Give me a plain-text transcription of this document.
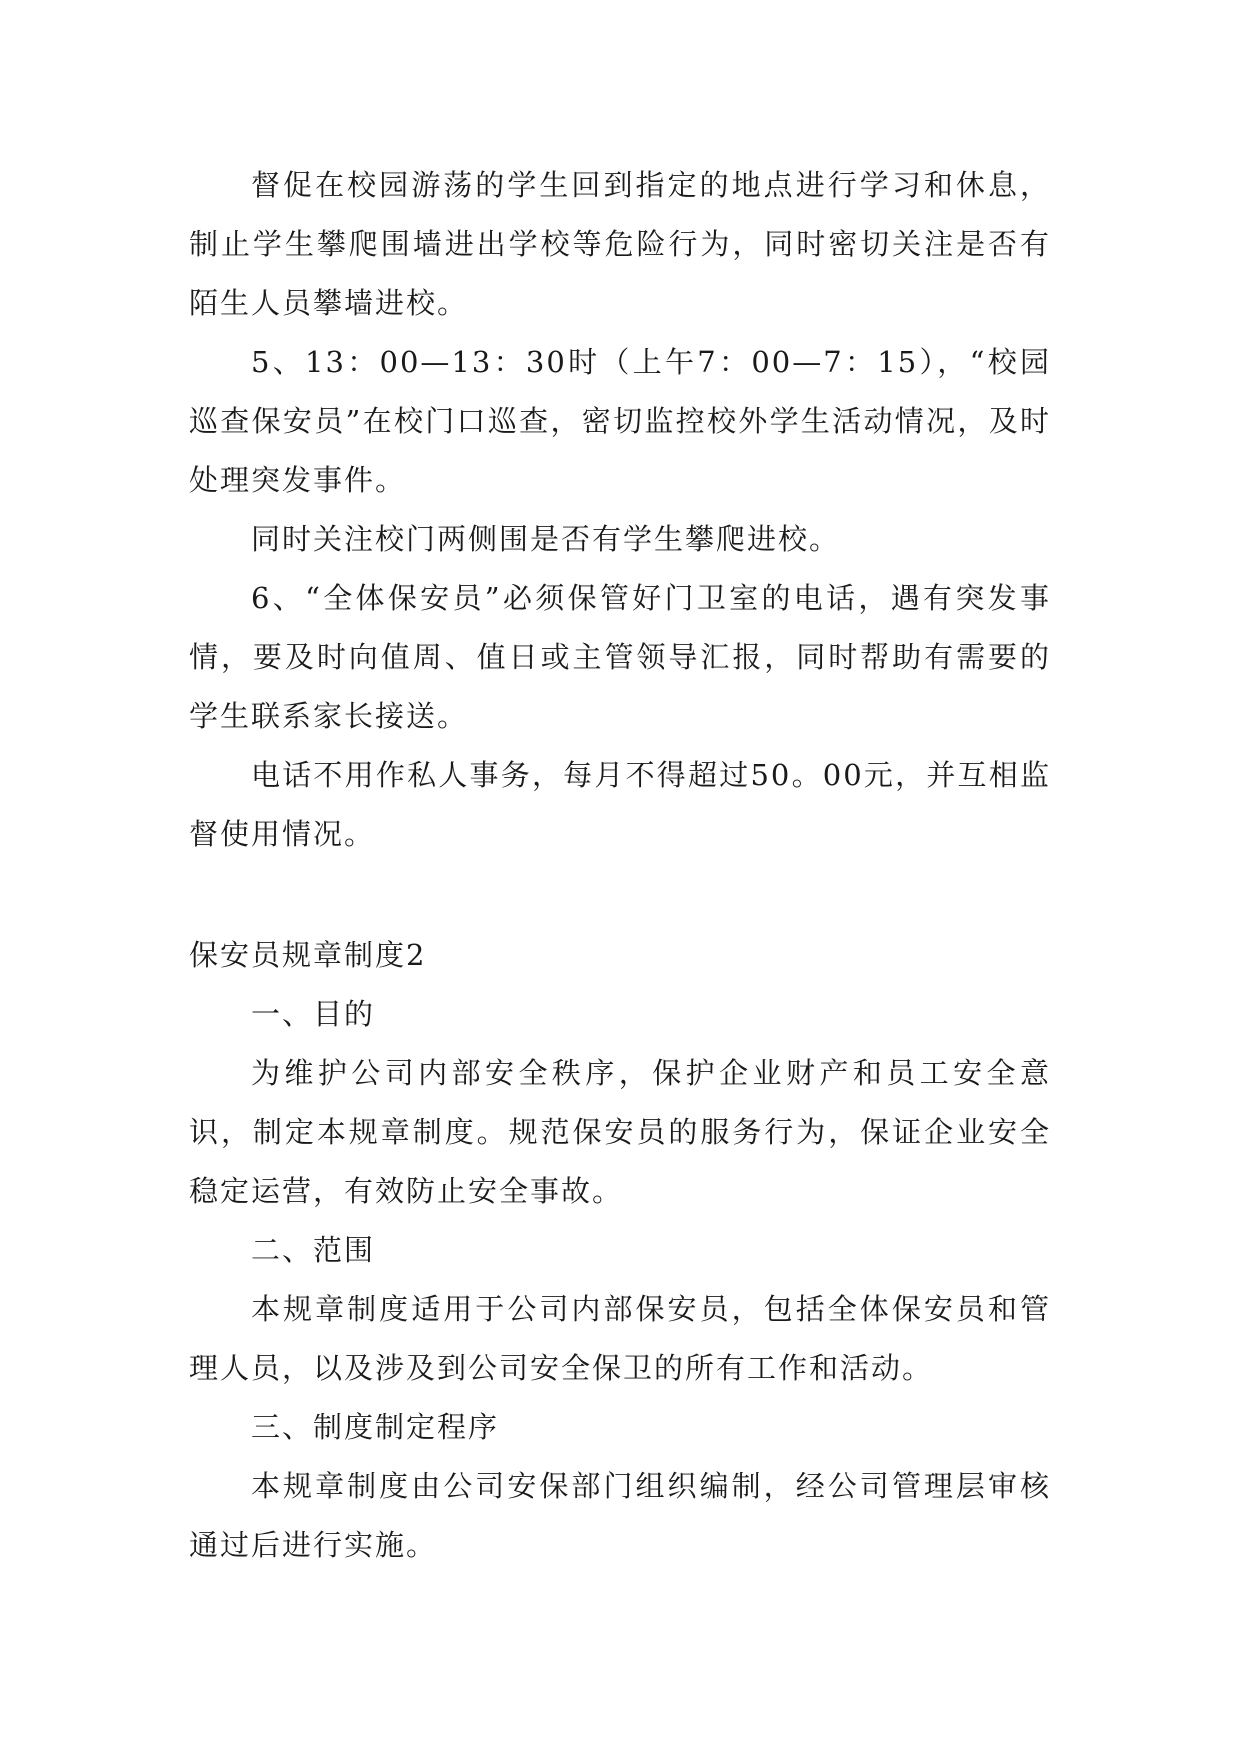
督促在校园游荡的学生回到指定的地点进行学习和休息，制止学生攀爬围墙进出学校等危险行为，同时密切关注是否有陌生人员攀墙进校。

5、13：00—13：30时（上午7：00—7：15），“校园巡查保安员”在校门口巡查，密切监控校外学生活动情况，及时处理突发事件。

同时关注校门两侧围是否有学生攀爬进校。

6、“全体保安员”必须保管好门卫室的电话，遇有突发事情，要及时向值周、值日或主管领导汇报，同时帮助有需要的学生联系家长接送。

电话不用作私人事务，每月不得超过50。00元，并互相监督使用情况。

保安员规章制度2

一、目的

为维护公司内部安全秩序，保护企业财产和员工安全意识，制定本规章制度。规范保安员的服务行为，保证企业安全稳定运营，有效防止安全事故。

二、范围

本规章制度适用于公司内部保安员，包括全体保安员和管理人员，以及涉及到公司安全保卫的所有工作和活动。

三、制度制定程序

本规章制度由公司安保部门组织编制，经公司管理层审核通过后进行实施。
